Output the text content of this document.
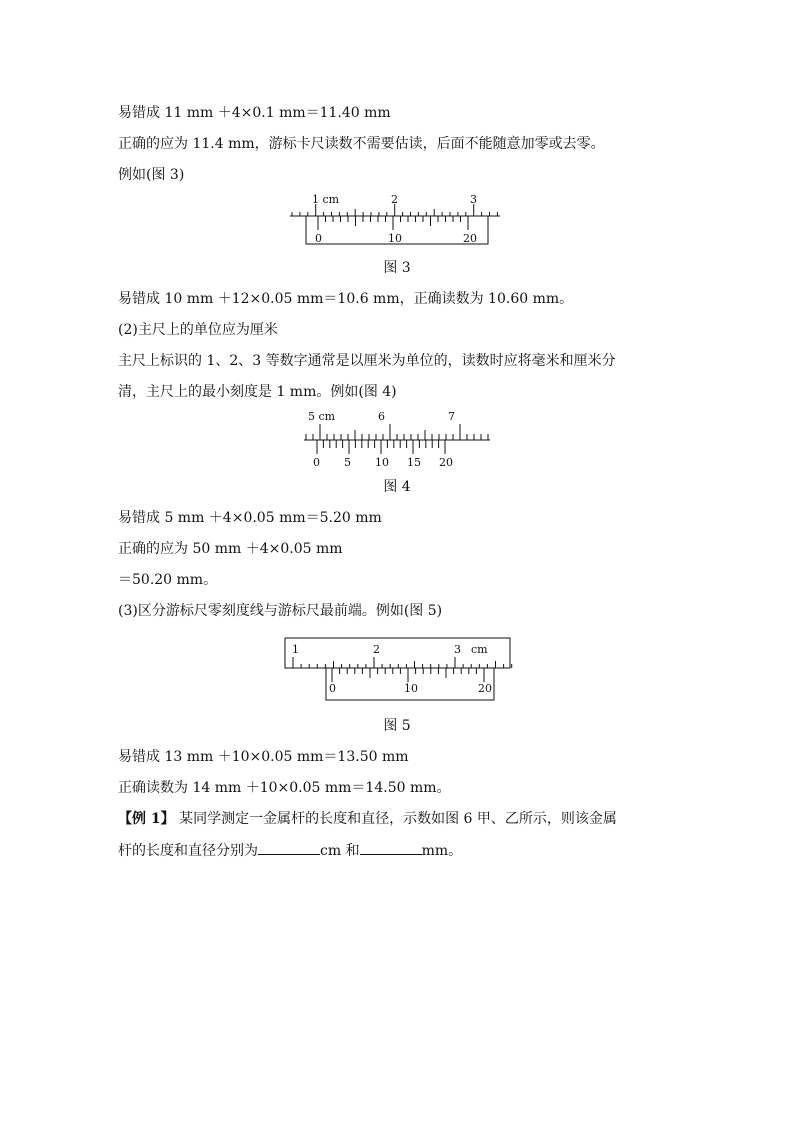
易错成 11 mm ＋4×0.1 mm＝11.40 mm
正确的应为 11.4 mm，游标卡尺读数不需要估读，后面不能随意加零或去零。
例如(图 3)
1 cm	2	3
0	10	20
图 3
易错成 10 mm ＋12×0.05 mm＝10.6 mm，正确读数为 10.60 mm。
(2)主尺上的单位应为厘米
主尺上标识的 1、2、3 等数字通常是以厘米为单位的，读数时应将毫米和厘米分
清，主尺上的最小刻度是 1 mm。例如(图 4)
5 cm	6	7
0 5 10 15 20
图 4
易错成 5 mm ＋4×0.05 mm＝5.20 mm
正确的应为 50 mm ＋4×0.05 mm
＝50.20 mm。
(3)区分游标尺零刻度线与游标尺最前端。例如(图 5)
1	2	3 cm
0	10	20
图 5
易错成 13 mm ＋10×0.05 mm＝13.50 mm
正确读数为 14 mm ＋10×0.05 mm＝14.50 mm。
【例 1】 某同学测定一金属杆的长度和直径，示数如图 6 甲、乙所示，则该金属
杆的长度和直径分别为	cm 和	mm。
